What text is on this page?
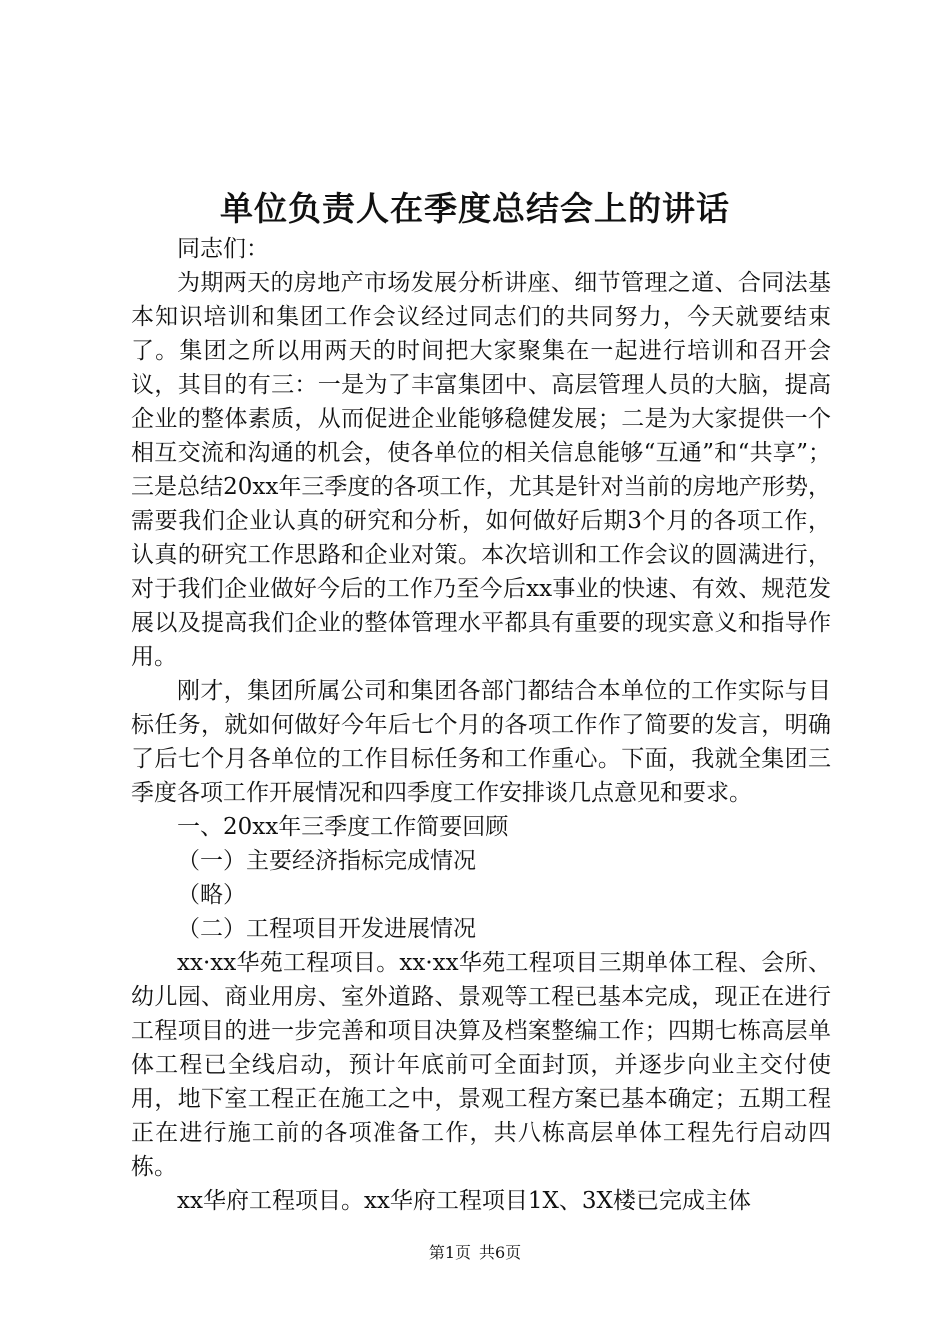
单位负责人在季度总结会上的讲话

同志们：

为期两天的房地产市场发展分析讲座、细节管理之道、合同法基本知识培训和集团工作会议经过同志们的共同努力，今天就要结束了。集团之所以用两天的时间把大家聚集在一起进行培训和召开会议，其目的有三：一是为了丰富集团中、高层管理人员的大脑，提高企业的整体素质，从而促进企业能够稳健发展；二是为大家提供一个相互交流和沟通的机会，使各单位的相关信息能够“互通”和“共享”；三是总结20xx年三季度的各项工作，尤其是针对当前的房地产形势，需要我们企业认真的研究和分析，如何做好后期3个月的各项工作，认真的研究工作思路和企业对策。本次培训和工作会议的圆满进行，对于我们企业做好今后的工作乃至今后xx事业的快速、有效、规范发展以及提高我们企业的整体管理水平都具有重要的现实意义和指导作用。

刚才，集团所属公司和集团各部门都结合本单位的工作实际与目标任务，就如何做好今年后七个月的各项工作作了简要的发言，明确了后七个月各单位的工作目标任务和工作重心。下面，我就全集团三季度各项工作开展情况和四季度工作安排谈几点意见和要求。

一、20xx年三季度工作简要回顾

（一）主要经济指标完成情况

（略）

（二）工程项目开发进展情况

xx·xx华苑工程项目。xx·xx华苑工程项目三期单体工程、会所、幼儿园、商业用房、室外道路、景观等工程已基本完成，现正在进行工程项目的进一步完善和项目决算及档案整编工作；四期七栋高层单体工程已全线启动，预计年底前可全面封顶，并逐步向业主交付使用，地下室工程正在施工之中，景观工程方案已基本确定；五期工程正在进行施工前的各项准备工作，共八栋高层单体工程先行启动四栋。

xx华府工程项目。xx华府工程项目1X、3X楼已完成主体

第1页 共6页
